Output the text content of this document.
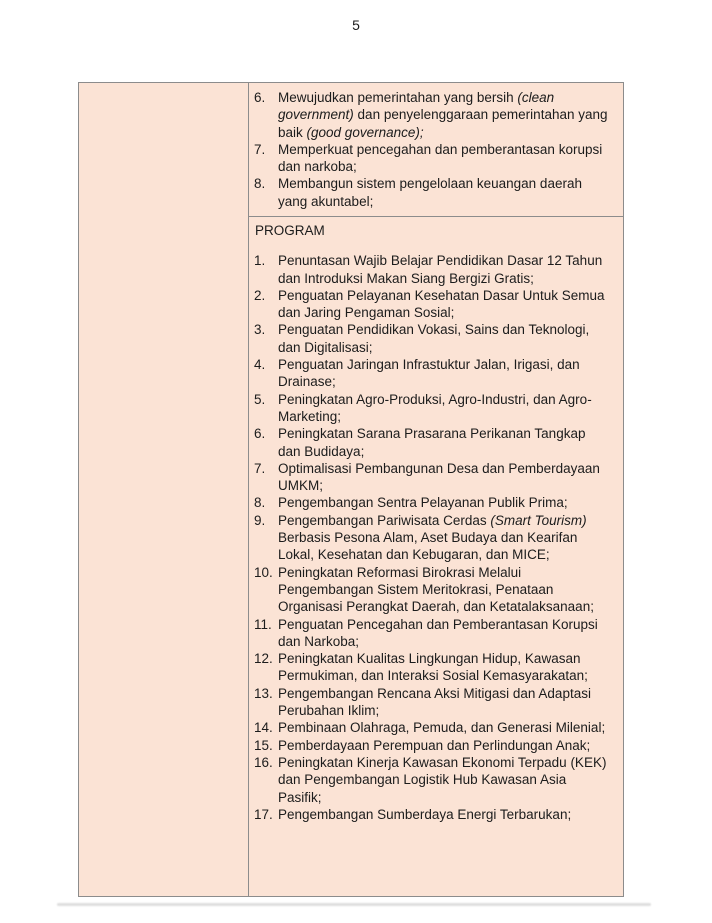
5
6. Mewujudkan pemerintahan yang bersih (clean government) dan penyelenggaraan pemerintahan yang baik (good governance);
7. Memperkuat pencegahan dan pemberantasan korupsi dan narkoba;
8. Membangun sistem pengelolaan keuangan daerah yang akuntabel;
PROGRAM
1. Penuntasan Wajib Belajar Pendidikan Dasar 12 Tahun dan Introduksi Makan Siang Bergizi Gratis;
2. Penguatan Pelayanan Kesehatan Dasar Untuk Semua dan Jaring Pengaman Sosial;
3. Penguatan Pendidikan Vokasi, Sains dan Teknologi, dan Digitalisasi;
4. Penguatan Jaringan Infrastuktur Jalan, Irigasi, dan Drainase;
5. Peningkatan Agro-Produksi, Agro-Industri, dan Agro-Marketing;
6. Peningkatan Sarana Prasarana Perikanan Tangkap dan Budidaya;
7. Optimalisasi Pembangunan Desa dan Pemberdayaan UMKM;
8. Pengembangan Sentra Pelayanan Publik Prima;
9. Pengembangan Pariwisata Cerdas (Smart Tourism) Berbasis Pesona Alam, Aset Budaya dan Kearifan Lokal, Kesehatan dan Kebugaran, dan MICE;
10. Peningkatan Reformasi Birokrasi Melalui Pengembangan Sistem Meritokrasi, Penataan Organisasi Perangkat Daerah, dan Ketatalaksanaan;
11. Penguatan Pencegahan dan Pemberantasan Korupsi dan Narkoba;
12. Peningkatan Kualitas Lingkungan Hidup, Kawasan Permukiman, dan Interaksi Sosial Kemasyarakatan;
13. Pengembangan Rencana Aksi Mitigasi dan Adaptasi Perubahan Iklim;
14. Pembinaan Olahraga, Pemuda, dan Generasi Milenial;
15. Pemberdayaan Perempuan dan Perlindungan Anak;
16. Peningkatan Kinerja Kawasan Ekonomi Terpadu (KEK) dan Pengembangan Logistik Hub Kawasan Asia Pasifik;
17. Pengembangan Sumberdaya Energi Terbarukan;
